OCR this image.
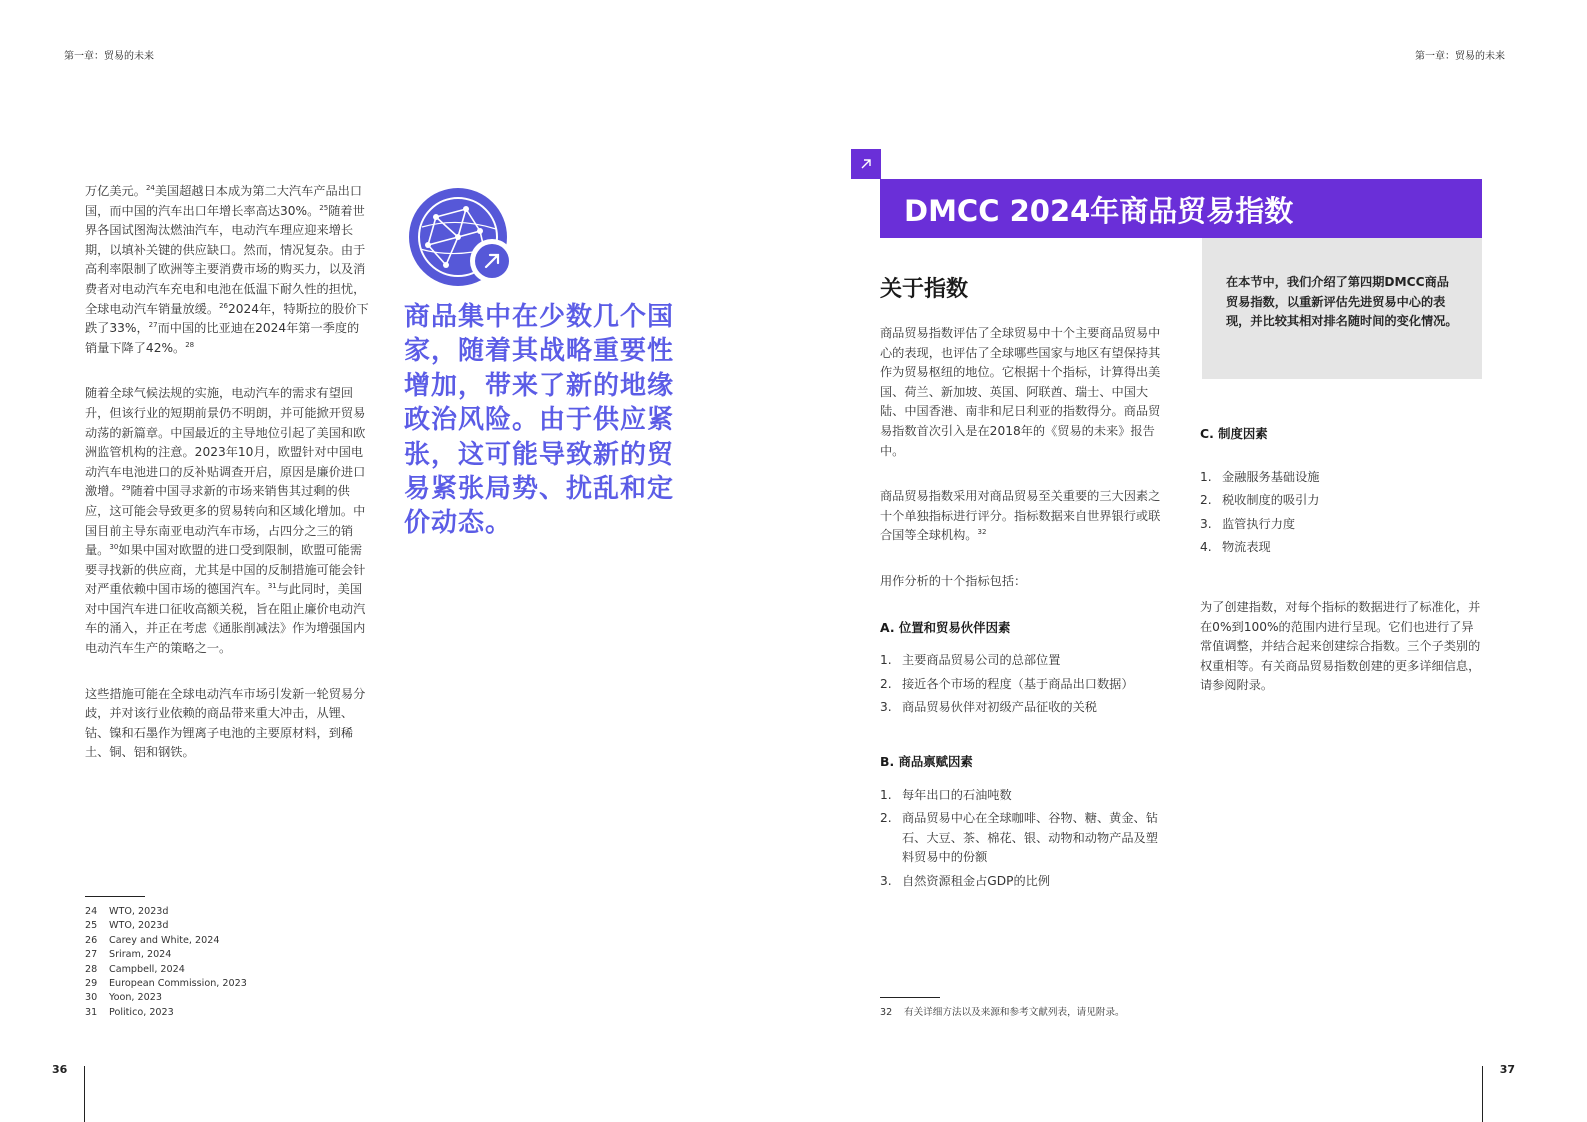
第一章：贸易的未来	第一章：贸易的未来

万亿美元。$^{24}$美国超越日本成为第二大汽车产品出口国，而中国的汽车出口年增长率高达30%。$^{25}$随着世界各国试图淘汰燃油汽车，电动汽车理应迎来增长期，以填补关键的供应缺口。然而，情况复杂。由于高利率限制了欧洲等主要消费市场的购买力，以及消费者对电动汽车充电和电池在低温下耐久性的担忧，全球电动汽车销量放缓。$^{26}$2024年，特斯拉的股价下跌了33%，$^{27}$而中国的比亚迪在2024年第一季度的销量下降了42%。$^{28}$

随着全球气候法规的实施，电动汽车的需求有望回升，但该行业的短期前景仍不明朗，并可能掀开贸易动荡的新篇章。中国最近的主导地位引起了美国和欧洲监管机构的注意。2023年10月，欧盟针对中国电动汽车电池进口的反补贴调查开启，原因是廉价进口激增。$^{29}$随着中国寻求新的市场来销售其过剩的供应，这可能会导致更多的贸易转向和区域化增加。中国目前主导东南亚电动汽车市场，占四分之三的销量。$^{30}$如果中国对欧盟的进口受到限制，欧盟可能需要寻找新的供应商，尤其是中国的反制措施可能会针对严重依赖中国市场的德国汽车。$^{31}$与此同时，美国对中国汽车进口征收高额关税，旨在阻止廉价电动汽车的涌入，并正在考虑《通胀削减法》作为增强国内电动汽车生产的策略之一。

这些措施可能在全球电动汽车市场引发新一轮贸易分歧，并对该行业依赖的商品带来重大冲击，从锂、钴、镍和石墨作为锂离子电池的主要原材料，到稀土、铜、铝和钢铁。

商品集中在少数几个国家，随着其战略重要性增加，带来了新的地缘政治风险。由于供应紧张，这可能导致新的贸易紧张局势、扰乱和定价动态。
24 WTO, 2023d
25 WTO, 2023d
26 Carey and White, 2024
27 Sriram, 2024
28 Campbell, 2024
29 European Commission, 2023
30 Yoon, 2023
31 Politico, 2023
36
DMCC 2024年商品贸易指数
关于指数

商品贸易指数评估了全球贸易中十个主要商品贸易中心的表现，也评估了全球哪些国家与地区有望保持其作为贸易枢纽的地位。它根据十个指标，计算得出美国、荷兰、新加坡、英国、阿联酋、瑞士、中国大陆、中国香港、南非和尼日利亚的指数得分。商品贸易指数首次引入是在2018年的《贸易的未来》报告中。

商品贸易指数采用对商品贸易至关重要的三大因素之十个单独指标进行评分。指标数据来自世界银行或联合国等全球机构。$^{32}$

用作分析的十个指标包括：

A. 位置和贸易伙伴因素
1. 主要商品贸易公司的总部位置
2. 接近各个市场的程度（基于商品出口数据）
3. 商品贸易伙伴对初级产品征收的关税
B. 商品禀赋因素
1. 每年出口的石油吨数
2. 商品贸易中心在全球咖啡、谷物、糖、黄金、钻石、大豆、茶、棉花、银、动物和动物产品及塑料贸易中的份额
3. 自然资源租金占GDP的比例
在本节中，我们介绍了第四期DMCC商品贸易指数，以重新评估先进贸易中心的表现，并比较其相对排名随时间的变化情况。
C. 制度因素
1. 金融服务基础设施
2. 税收制度的吸引力
3. 监管执行力度
4. 物流表现

为了创建指数，对每个指标的数据进行了标准化，并在0%到100%的范围内进行呈现。它们也进行了异常值调整，并结合起来创建综合指数。三个子类别的权重相等。有关商品贸易指数创建的更多详细信息，请参阅附录。

32 有关详细方法以及来源和参考文献列表，请见附录。
37
